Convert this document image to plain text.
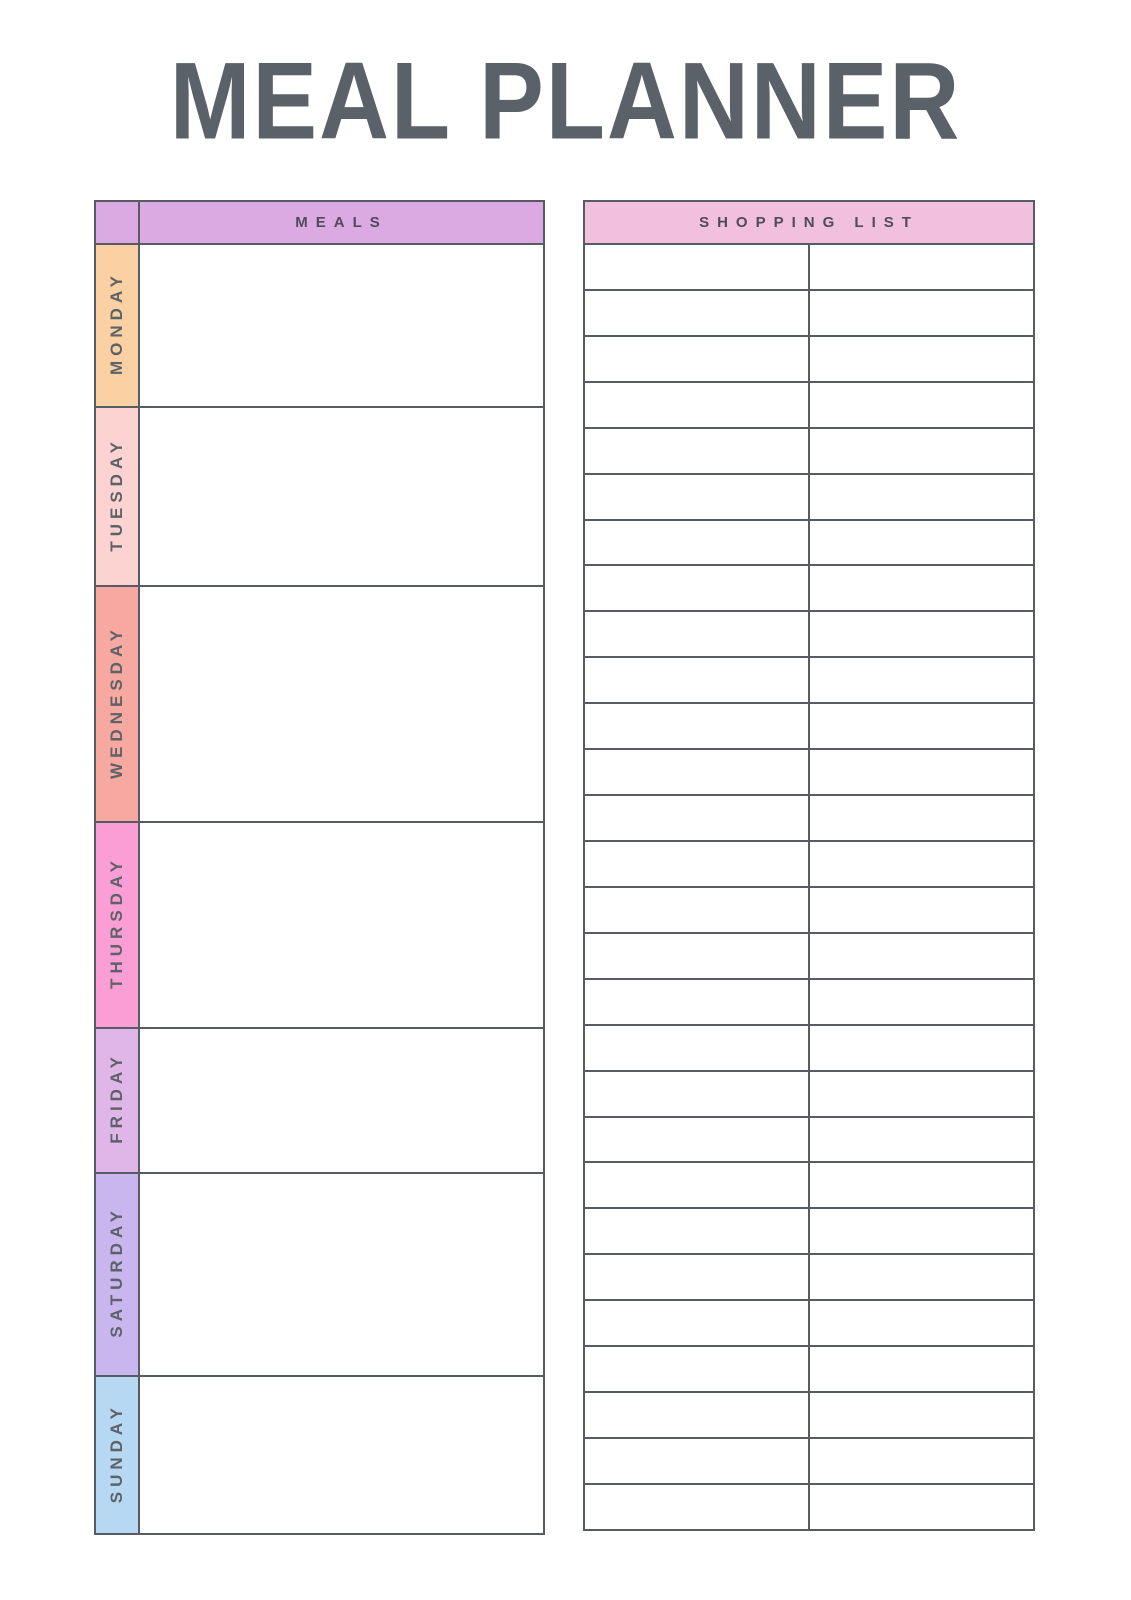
MEAL PLANNER
	MEALS
MONDAY	
TUESDAY	
WEDNESDAY	
THURSDAY	
FRIDAY	
SATURDAY	
SUNDAY	
SHOPPING LIST	
